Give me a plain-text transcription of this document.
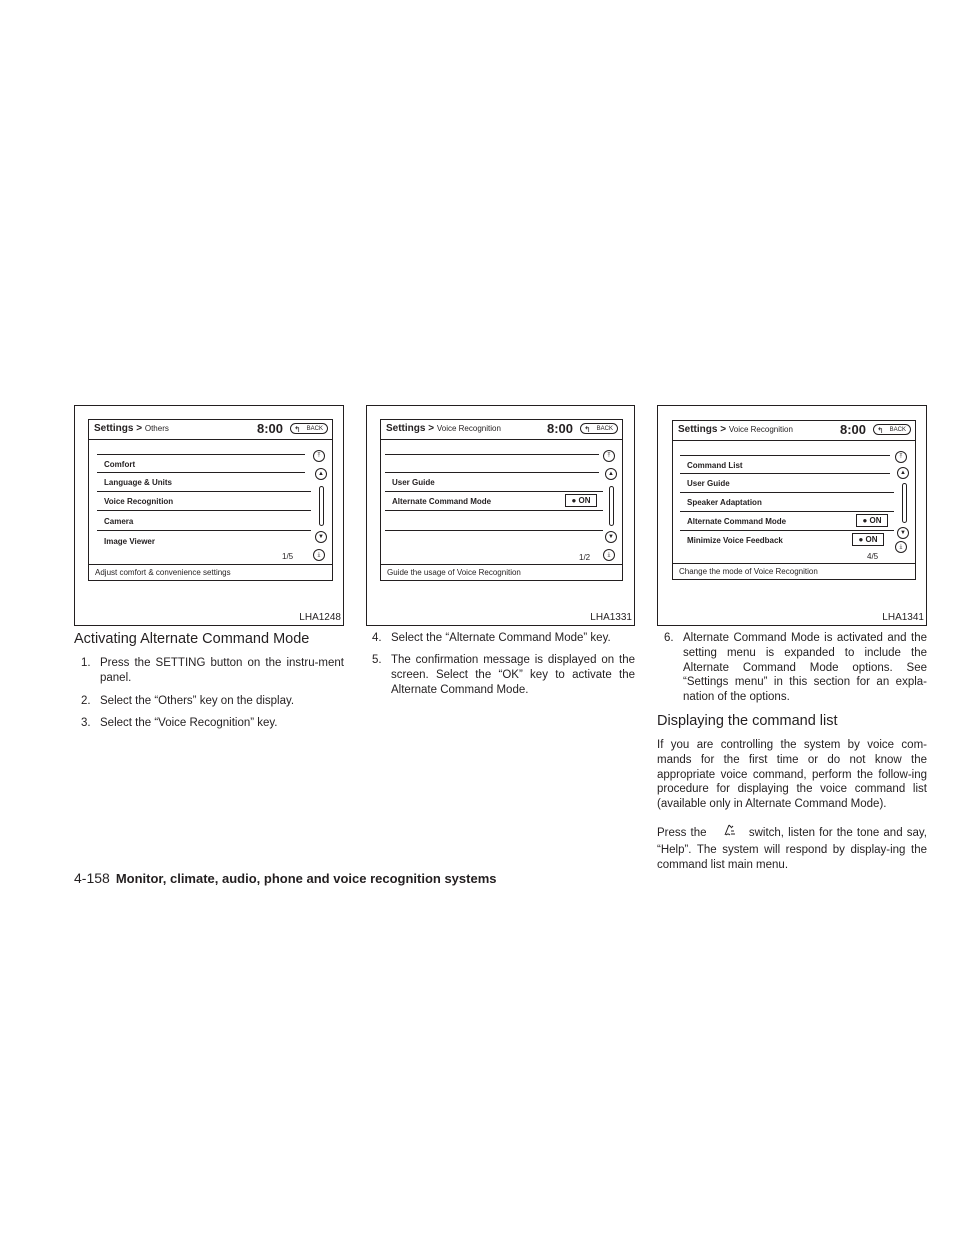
Settings > Others	8:00 ↰ BACK
Comfort
Language & Units
Voice Recognition
Camera
Image Viewer
⤒
▲
▼
⤓
1/5
Adjust comfort & convenience settings
LHA1248
Settings > Voice Recognition	8:00 ↰ BACK
User Guide
Alternate Command Mode	● ON
⤒
▲
▼
⤓
1/2
Guide the usage of Voice Recognition
LHA1331
Settings > Voice Recognition	8:00 ↰ BACK
Command List
User Guide
Speaker Adaptation
Alternate Command Mode	● ON
Minimize Voice Feedback	● ON
⤒
▲
▼
⤓
4/5
Change the mode of Voice Recognition
LHA1341
Activating Alternate Command Mode
1. Press the SETTING button on the instru-ment panel.
2. Select the “Others” key on the display.
3. Select the “Voice Recognition” key.
4. Select the “Alternate Command Mode” key.
5. The confirmation message is displayed on the screen. Select the “OK” key to activate the Alternate Command Mode.
6. Alternate Command Mode is activated and the setting menu is expanded to include the Alternate Command Mode options. See “Settings menu” in this section for an expla-nation of the options.
Displaying the command list
If you are controlling the system by voice com-mands for the first time or do not know the appropriate voice command, perform the follow-ing procedure for displaying the voice command list (available only in Alternate Command Mode).
Press the	switch, listen for the tone and say, “Help”. The system will respond by display-ing the command list main menu.
4-158 Monitor, climate, audio, phone and voice recognition systems
